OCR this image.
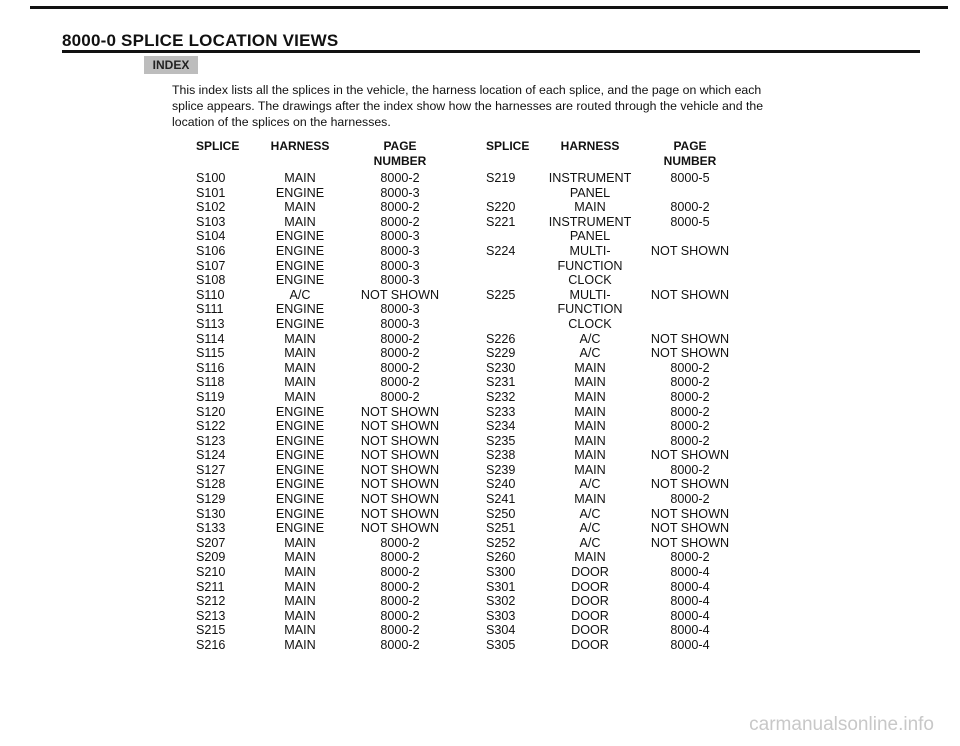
8000-0 SPLICE LOCATION VIEWS
INDEX

This index lists all the splices in the vehicle, the harness location of each splice, and the page on which each

splice appears. The drawings after the index show how the harnesses are routed through the vehicle and the

location of the splices on the harnesses.

SPLICE
S100
S101
S102
S103
S104
S106
S107
S108
S110
S111
S113
S114
S115
S116
S118
S119
S120
S122
S123
S124
S127
S128
S129
S130
S133
S207
S209
S210
S211
S212
S213
S215
S216
HARNESS
MAIN
ENGINE
MAIN
MAIN
ENGINE
ENGINE
ENGINE
ENGINE
A/C
ENGINE
ENGINE
MAIN
MAIN
MAIN
MAIN
MAIN
ENGINE
ENGINE
ENGINE
ENGINE
ENGINE
ENGINE
ENGINE
ENGINE
ENGINE
MAIN
MAIN
MAIN
MAIN
MAIN
MAIN
MAIN
MAIN
PAGE
NUMBER
8000-2
8000-3
8000-2
8000-2
8000-3
8000-3
8000-3
8000-3
NOT SHOWN
8000-3
8000-3
8000-2
8000-2
8000-2
8000-2
8000-2
NOT SHOWN
NOT SHOWN
NOT SHOWN
NOT SHOWN
NOT SHOWN
NOT SHOWN
NOT SHOWN
NOT SHOWN
NOT SHOWN
8000-2
8000-2
8000-2
8000-2
8000-2
8000-2
8000-2
8000-2
SPLICE
S219
S220
S221
S224
S225
S226
S229
S230
S231
S232
S233
S234
S235
S238
S239
S240
S241
S250
S251
S252
S260
S300
S301
S302
S303
S304
S305
HARNESS
INSTRUMENT
PANEL
MAIN
INSTRUMENT
PANEL
MULTI-
FUNCTION
CLOCK
MULTI-
FUNCTION
CLOCK
A/C
A/C
MAIN
MAIN
MAIN
MAIN
MAIN
MAIN
MAIN
MAIN
A/C
MAIN
A/C
A/C
A/C
MAIN
DOOR
DOOR
DOOR
DOOR
DOOR
DOOR
PAGE
NUMBER
8000-5
8000-2
8000-5
NOT SHOWN
NOT SHOWN
NOT SHOWN
NOT SHOWN
8000-2
8000-2
8000-2
8000-2
8000-2
8000-2
NOT SHOWN
8000-2
NOT SHOWN
8000-2
NOT SHOWN
NOT SHOWN
NOT SHOWN
8000-2
8000-4
8000-4
8000-4
8000-4
8000-4
8000-4
carmanualsonline.info
